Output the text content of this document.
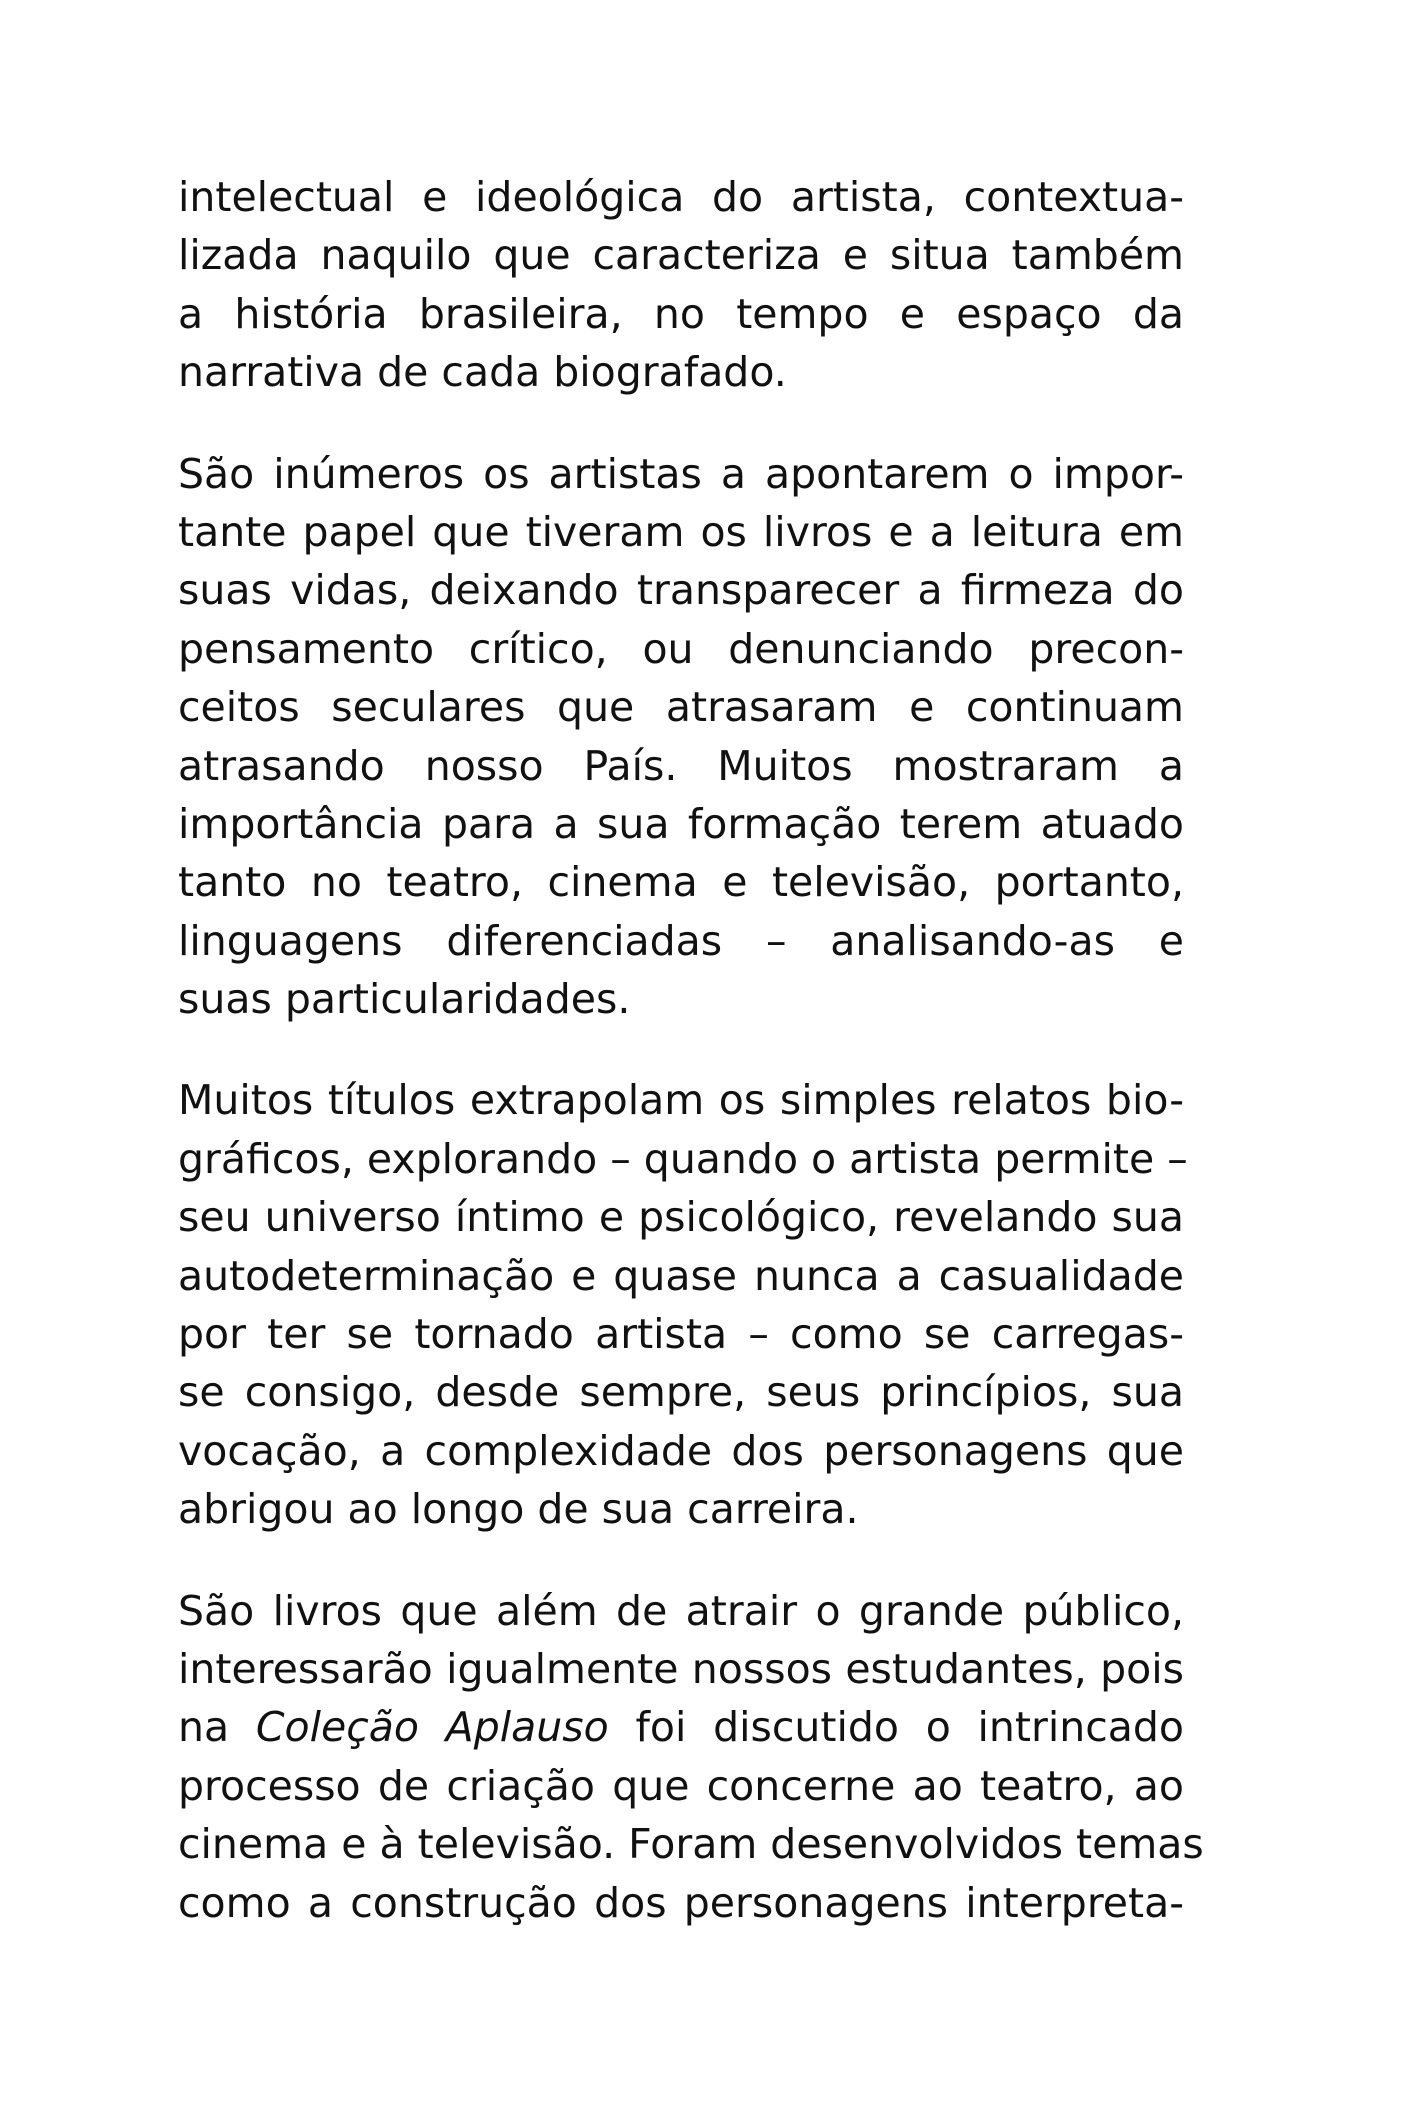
intelectual e ideológica do artista, contextua-
lizada naquilo que caracteriza e situa também
a história brasileira, no tempo e espaço da
narrativa de cada biografado.

São inúmeros os artistas a apontarem o impor-
tante papel que tiveram os livros e a leitura em
suas vidas, deixando transparecer a firmeza do
pensamento crítico, ou denunciando precon-
ceitos seculares que atrasaram e continuam
atrasando nosso País. Muitos mostraram a
importância para a sua formação terem atuado
tanto no teatro, cinema e televisão, portanto,
linguagens diferenciadas – analisando-as e
suas particularidades.

Muitos títulos extrapolam os simples relatos bio-
gráficos, explorando – quando o artista permite –
seu universo íntimo e psicológico, revelando sua
autodeterminação e quase nunca a casualidade
por ter se tornado artista – como se carregas-
se consigo, desde sempre, seus princípios, sua
vocação, a complexidade dos personagens que
abrigou ao longo de sua carreira.

São livros que além de atrair o grande público,
interessarão igualmente nossos estudantes, pois
na Coleção Aplauso foi discutido o intrincado
processo de criação que concerne ao teatro, ao
cinema e à televisão. Foram desenvolvidos temas
como a construção dos personagens interpreta-
